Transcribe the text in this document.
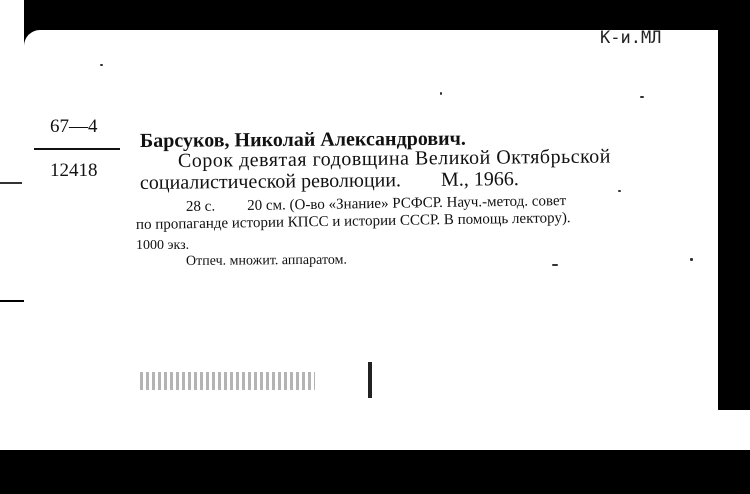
К-и.МЛ
67—4
12418
Барсуков, Николай Александрович.
Сорок девятая годовщина Великой Октябрьской
социалистической революции. М., 1966.
28 с. 20 см. (О-во «Знание» РСФСР. Науч.-метод. совет
по пропаганде истории КПСС и истории СССР. В помощь лектору).
1000 экз.
Отпеч. множит. аппаратом.
